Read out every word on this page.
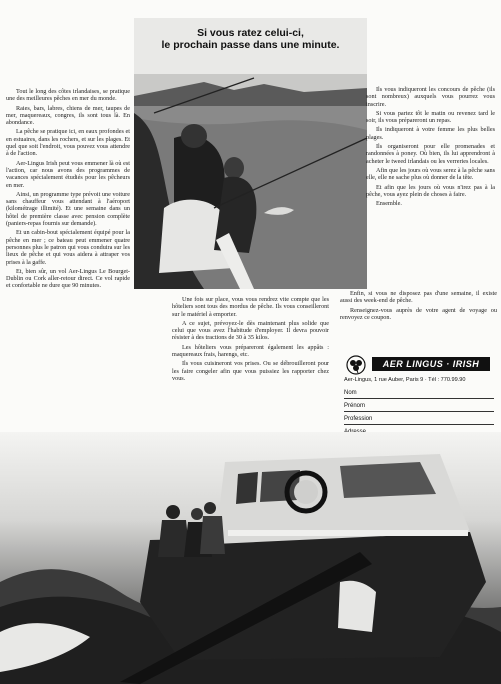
Si vous ratez celui-ci,
le prochain passe dans une minute.

Tout le long des côtes irlandaises, se pratique une des meilleures pêches en mer du monde.

Raies, bars, labres, chiens de mer, taupes de mer, maquereaux, congres, ils sont tous là. En abondance.

La pêche se pratique ici, en eaux profondes et en estuaires, dans les rochers, et sur les plages. Et quel que soit l'endroit, vous pouvez vous attendre à de l'action.

Aer-Lingus Irish peut vous emmener là où est l'action, car nous avons des programmes de vacances spécialement étudiés pour les pêcheurs en mer.

Ainsi, un programme type prévoit une voiture sans chauffeur vous attendant à l'aéroport (kilométrage illimité). Et une semaine dans un hôtel de première classe avec pension complète (paniers-repas fournis sur demande).

Et un cabin-bout spécialement équipé pour la pêche en mer ; ce bateau peut emmener quatre personnes plus le patron qui vous conduira sur les lieux de pêche et qui vous aidera à attraper vos prises à la gaffe.

Et, bien sûr, un vol Aer-Lingus Le Bourget-Dublin ou Cork aller-retour direct. Ce vol rapide et confortable ne dure que 90 minutes.

Une fois sur place, vous vous rendrez vite compte que les hôteliers sont tous des mordus de pêche. Ils vous conseilleront sur le matériel à emporter.

A ce sujet, prévoyez-le dès maintenant plus solide que celui que vous avez l'habitude d'employer. Il devra pouvoir résister à des tractions de 30 à 35 kilos.

Les hôteliers vous prépareront également les appâts : maquereaux frais, harengs, etc.

Ils vous cuisineront vos prises. Ou se débrouilleront pour les faire congeler afin que vous puissiez les rapporter chez vous.

Ils vous indiqueront les concours de pêche (ils sont nombreux) auxquels vous pourrez vous inscrire.

Si vous partez tôt le matin ou revenez tard le soir, ils vous prépareront un repas.

Ils indiqueront à votre femme les plus belles plages.

Ils organiseront pour elle promenades et randonnées à poney. Où bien, ils lui apprendront à acheter le tweed irlandais ou les verreries locales.

Afin que les jours où vous serez à la pêche sans elle, elle ne sache plus où donner de la tête.

Et afin que les jours où vous n'irez pas à la pêche, vous ayez plein de choses à faire.

Ensemble.

Enfin, si vous ne disposez pas d'une semaine, il existe aussi des week-end de pêche.

Renseignez-vous auprès de votre agent de voyage ou renvoyez ce coupon.

AER LINGUS · IRISH
Aer-Lingus, 1 rue Auber, Paris 9 · Tél : 770.99.90
Nom
Prénom
Profession
